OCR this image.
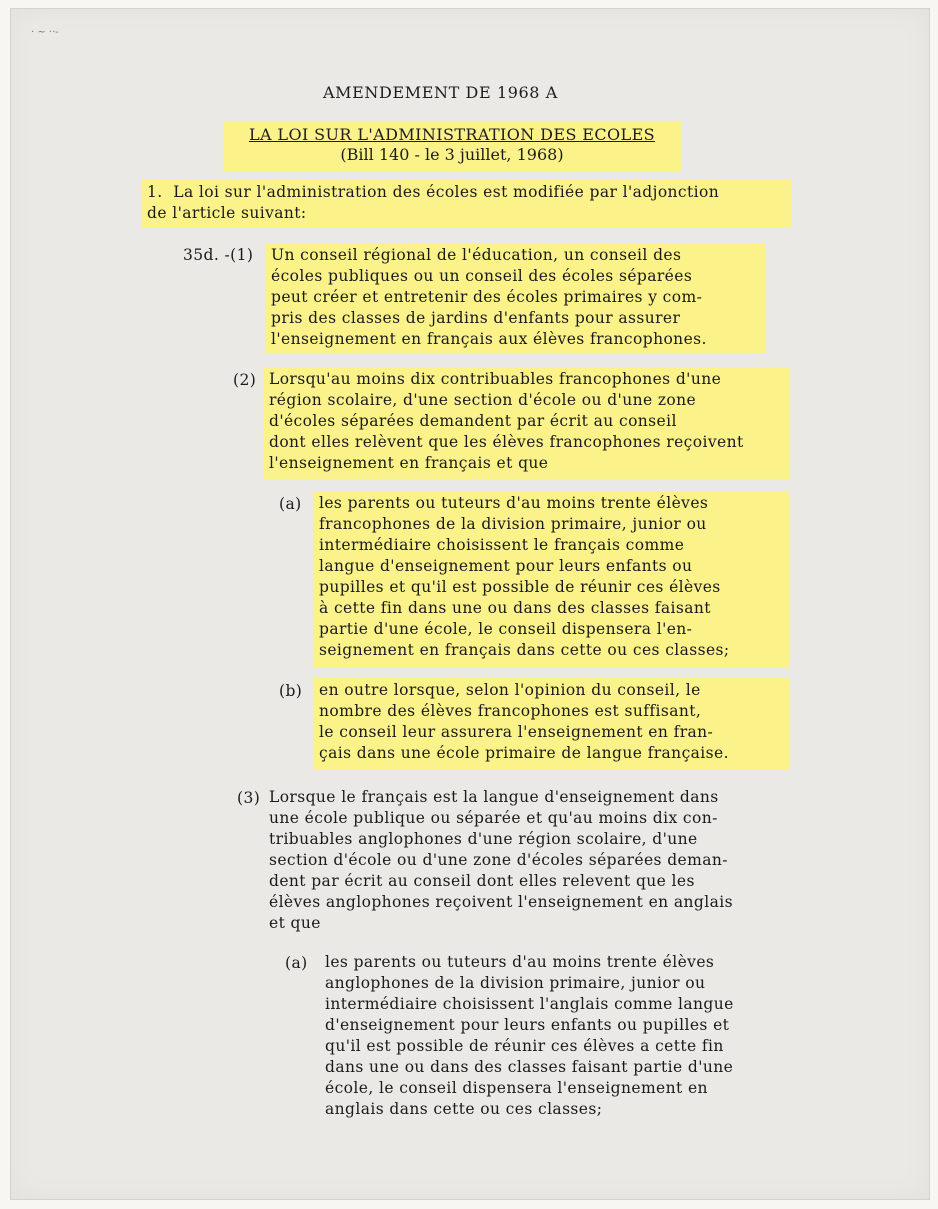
· ~ ··-
AMENDEMENT DE 1968 A
LA LOI SUR L'ADMINISTRATION DES ECOLES
(Bill 140 - le 3 juillet, 1968)
1. La loi sur l'administration des écoles est modifiée par l'adjonction
de l'article suivant:
35d. -(1) Un conseil régional de l'éducation, un conseil des
écoles publiques ou un conseil des écoles séparées
peut créer et entretenir des écoles primaires y com-
pris des classes de jardins d'enfants pour assurer
l'enseignement en français aux élèves francophones.
(2) Lorsqu'au moins dix contribuables francophones d'une
région scolaire, d'une section d'école ou d'une zone
d'écoles séparées demandent par écrit au conseil
dont elles relèvent que les élèves francophones reçoivent
l'enseignement en français et que
(a) les parents ou tuteurs d'au moins trente élèves
francophones de la division primaire, junior ou
intermédiaire choisissent le français comme
langue d'enseignement pour leurs enfants ou
pupilles et qu'il est possible de réunir ces élèves
à cette fin dans une ou dans des classes faisant
partie d'une école, le conseil dispensera l'en-
seignement en français dans cette ou ces classes;
(b) en outre lorsque, selon l'opinion du conseil, le
nombre des élèves francophones est suffisant,
le conseil leur assurera l'enseignement en fran-
çais dans une école primaire de langue française.
(3) Lorsque le français est la langue d'enseignement dans
une école publique ou séparée et qu'au moins dix con-
tribuables anglophones d'une région scolaire, d'une
section d'école ou d'une zone d'écoles séparées deman-
dent par écrit au conseil dont elles relevent que les
élèves anglophones reçoivent l'enseignement en anglais
et que
(a) les parents ou tuteurs d'au moins trente élèves
anglophones de la division primaire, junior ou
intermédiaire choisissent l'anglais comme langue
d'enseignement pour leurs enfants ou pupilles et
qu'il est possible de réunir ces élèves a cette fin
dans une ou dans des classes faisant partie d'une
école, le conseil dispensera l'enseignement en
anglais dans cette ou ces classes;
